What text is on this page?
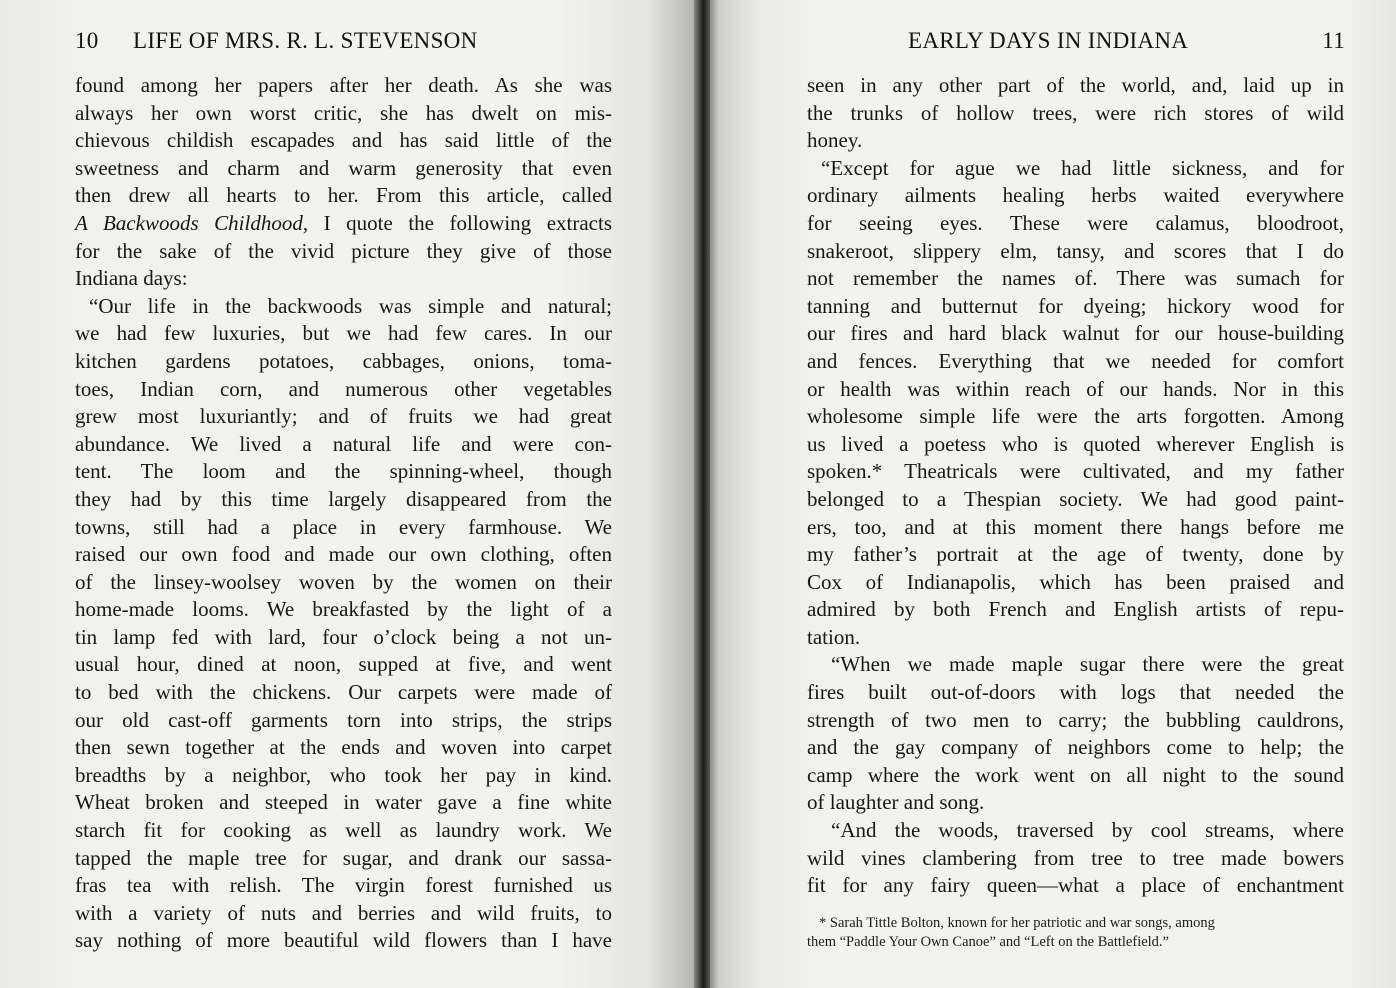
10 LIFE OF MRS. R. L. STEVENSON	EARLY DAYS IN INDIANA	11
found among her papers after her death. As she was
always her own worst critic, she has dwelt on mis-
chievous childish escapades and has said little of the
sweetness and charm and warm generosity that even
then drew all hearts to her. From this article, called
A Backwoods Childhood, I quote the following extracts
for the sake of the vivid picture they give of those
Indiana days:
“Our life in the backwoods was simple and natural;
we had few luxuries, but we had few cares. In our
kitchen gardens potatoes, cabbages, onions, toma-
toes, Indian corn, and numerous other vegetables
grew most luxuriantly; and of fruits we had great
abundance. We lived a natural life and were con-
tent. The loom and the spinning-wheel, though
they had by this time largely disappeared from the
towns, still had a place in every farmhouse. We
raised our own food and made our own clothing, often
of the linsey-woolsey woven by the women on their
home-made looms. We breakfasted by the light of a
tin lamp fed with lard, four o’clock being a not un-
usual hour, dined at noon, supped at five, and went
to bed with the chickens. Our carpets were made of
our old cast-off garments torn into strips, the strips
then sewn together at the ends and woven into carpet
breadths by a neighbor, who took her pay in kind.
Wheat broken and steeped in water gave a fine white
starch fit for cooking as well as laundry work. We
tapped the maple tree for sugar, and drank our sassa-
fras tea with relish. The virgin forest furnished us
with a variety of nuts and berries and wild fruits, to
say nothing of more beautiful wild flowers than I have
seen in any other part of the world, and, laid up in
the trunks of hollow trees, were rich stores of wild
honey.
“Except for ague we had little sickness, and for
ordinary ailments healing herbs waited everywhere
for seeing eyes. These were calamus, bloodroot,
snakeroot, slippery elm, tansy, and scores that I do
not remember the names of. There was sumach for
tanning and butternut for dyeing; hickory wood for
our fires and hard black walnut for our house-building
and fences. Everything that we needed for comfort
or health was within reach of our hands. Nor in this
wholesome simple life were the arts forgotten. Among
us lived a poetess who is quoted wherever English is
spoken.* Theatricals were cultivated, and my father
belonged to a Thespian society. We had good paint-
ers, too, and at this moment there hangs before me
my father’s portrait at the age of twenty, done by
Cox of Indianapolis, which has been praised and
admired by both French and English artists of repu-
tation.
“When we made maple sugar there were the great
fires built out-of-doors with logs that needed the
strength of two men to carry; the bubbling cauldrons,
and the gay company of neighbors come to help; the
camp where the work went on all night to the sound
of laughter and song.
“And the woods, traversed by cool streams, where
wild vines clambering from tree to tree made bowers
fit for any fairy queen—what a place of enchantment
* Sarah Tittle Bolton, known for her patriotic and war songs, among
them “Paddle Your Own Canoe” and “Left on the Battlefield.”
